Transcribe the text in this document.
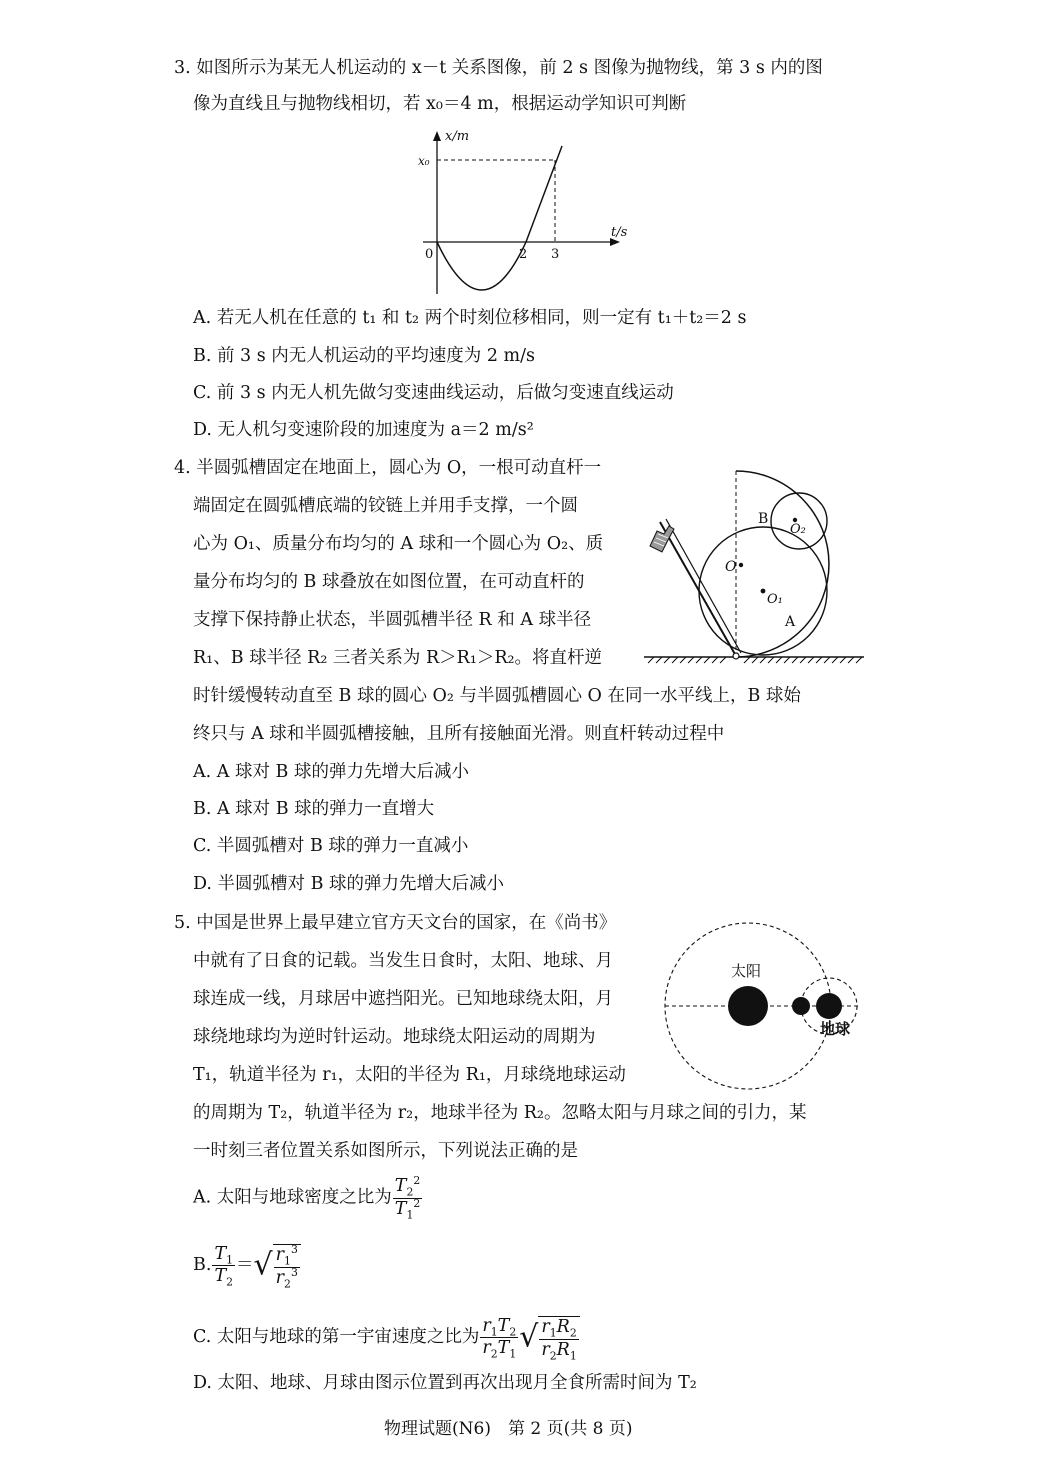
3. 如图所示为某无人机运动的 x－t 关系图像，前 2 s 图像为抛物线，第 3 s 内的图
像为直线且与抛物线相切，若 x₀＝4 m，根据运动学知识可判断
x/m
t/s
0
x₀
2 3
A. 若无人机在任意的 t₁ 和 t₂ 两个时刻位移相同，则一定有 t₁＋t₂＝2 s
B. 前 3 s 内无人机运动的平均速度为 2 m/s
C. 前 3 s 内无人机先做匀变速曲线运动，后做匀变速直线运动
D. 无人机匀变速阶段的加速度为 a＝2 m/s²
4. 半圆弧槽固定在地面上，圆心为 O，一根可动直杆一
端固定在圆弧槽底端的铰链上并用手支撑，一个圆
心为 O₁、质量分布均匀的 A 球和一个圆心为 O₂、质
量分布均匀的 B 球叠放在如图位置，在可动直杆的
支撑下保持静止状态，半圆弧槽半径 R 和 A 球半径
R₁、B 球半径 R₂ 三者关系为 R＞R₁＞R₂。将直杆逆
时针缓慢转动直至 B 球的圆心 O₂ 与半圆弧槽圆心 O 在同一水平线上，B 球始
终只与 A 球和半圆弧槽接触，且所有接触面光滑。则直杆转动过程中
B
O₂
O
O₁
A
A. A 球对 B 球的弹力先增大后减小
B. A 球对 B 球的弹力一直增大
C. 半圆弧槽对 B 球的弹力一直减小
D. 半圆弧槽对 B 球的弹力先增大后减小
5. 中国是世界上最早建立官方天文台的国家，在《尚书》
中就有了日食的记载。当发生日食时，太阳、地球、月
球连成一线，月球居中遮挡阳光。已知地球绕太阳，月
球绕地球均为逆时针运动。地球绕太阳运动的周期为
T₁，轨道半径为 r₁，太阳的半径为 R₁，月球绕地球运动
的周期为 T₂，轨道半径为 r₂，地球半径为 R₂。忽略太阳与月球之间的引力，某
一时刻三者位置关系如图所示，下列说法正确的是
太阳
地球
A. 太阳与地球密度之比为 $\frac{T_2^2}{T_1^2}$
B. $\frac{T_1}{T_2}$ ＝√ $\frac{r_1^3}{r_2^3}$
C. 太阳与地球的第一宇宙速度之比为 $\frac{r_1T_2}{r_2T_1}$ √ $\frac{r_1R_2}{r_2R_1}$
D. 太阳、地球、月球由图示位置到再次出现月全食所需时间为 T₂
物理试题(N6)　第 2 页(共 8 页)
